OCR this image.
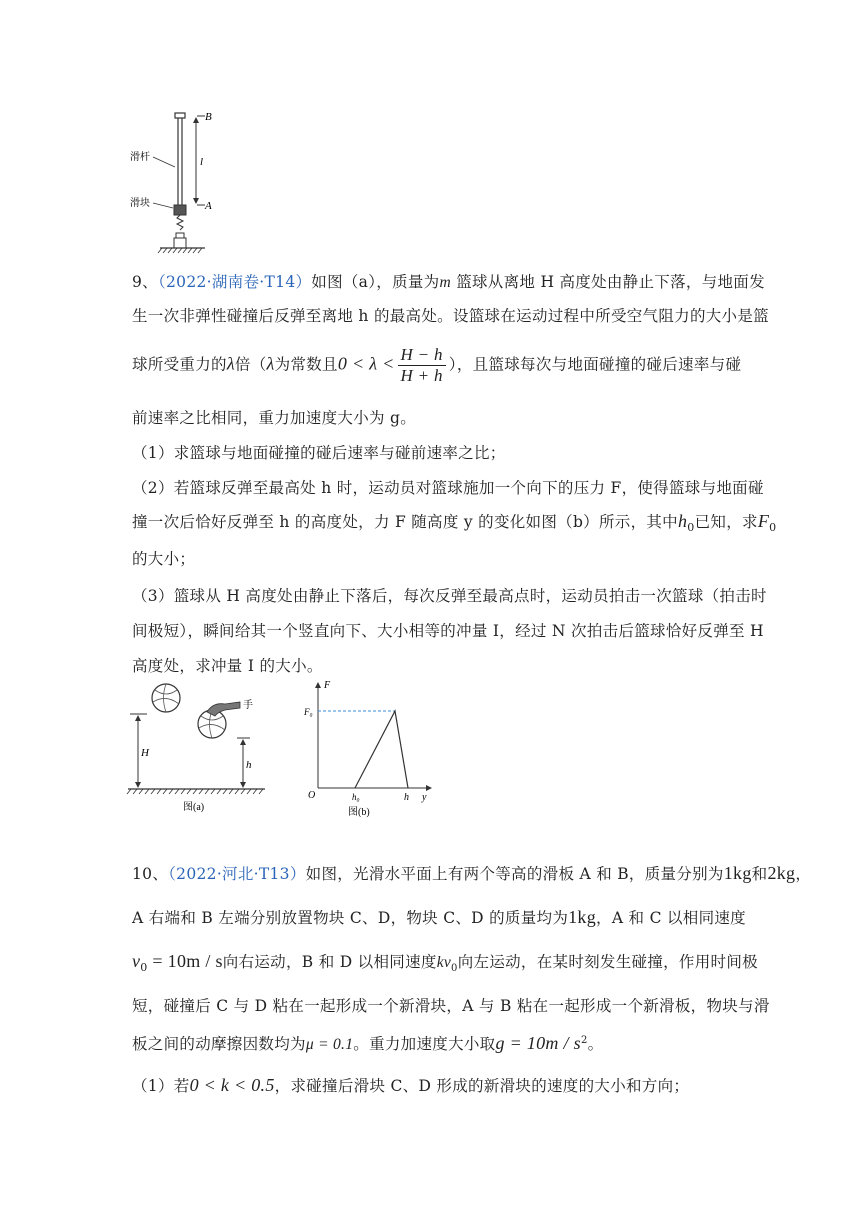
B
l
A
滑杆
滑块
9、（2022·湖南卷·T14）如图（a），质量为m 篮球从离地 H 高度处由静止下落，与地面发
生一次非弹性碰撞后反弹至离地 h 的最高处。设篮球在运动过程中所受空气阻力的大小是篮
球所受重力的λ倍（λ为常数且$0 < \lambda < \frac{H - h}{H + h}$ ），且篮球每次与地面碰撞的碰后速率与碰
前速率之比相同，重力加速度大小为 g。
（1）求篮球与地面碰撞的碰后速率与碰前速率之比；
（2）若篮球反弹至最高处 h 时，运动员对篮球施加一个向下的压力 F，使得篮球与地面碰
撞一次后恰好反弹至 h 的高度处，力 F 随高度 y 的变化如图（b）所示，其中$h_0$已知，求$F_0$
的大小；
（3）篮球从 H 高度处由静止下落后，每次反弹至最高点时，运动员拍击一次篮球（拍击时
间极短），瞬间给其一个竖直向下、大小相等的冲量 I，经过 N 次拍击后篮球恰好反弹至 H
高度处，求冲量 I 的大小。
手
H
h
图(a)
F
y
F₀
O	h₀	h
图(b)
10、（2022·河北·T13）如图，光滑水平面上有两个等高的滑板 A 和 B，质量分别为1kg和2kg，
A 右端和 B 左端分别放置物块 C、D，物块 C、D 的质量均为1kg，A 和 C 以相同速度
$v_0 = 10m / s$向右运动，B 和 D 以相同速度$kv_0$向左运动，在某时刻发生碰撞，作用时间极
短，碰撞后 C 与 D 粘在一起形成一个新滑块，A 与 B 粘在一起形成一个新滑板，物块与滑
板之间的动摩擦因数均为μ = 0.1。重力加速度大小取$g = 10m / s^2$。
（1）若0 < k < 0.5，求碰撞后滑块 C、D 形成的新滑块的速度的大小和方向；
